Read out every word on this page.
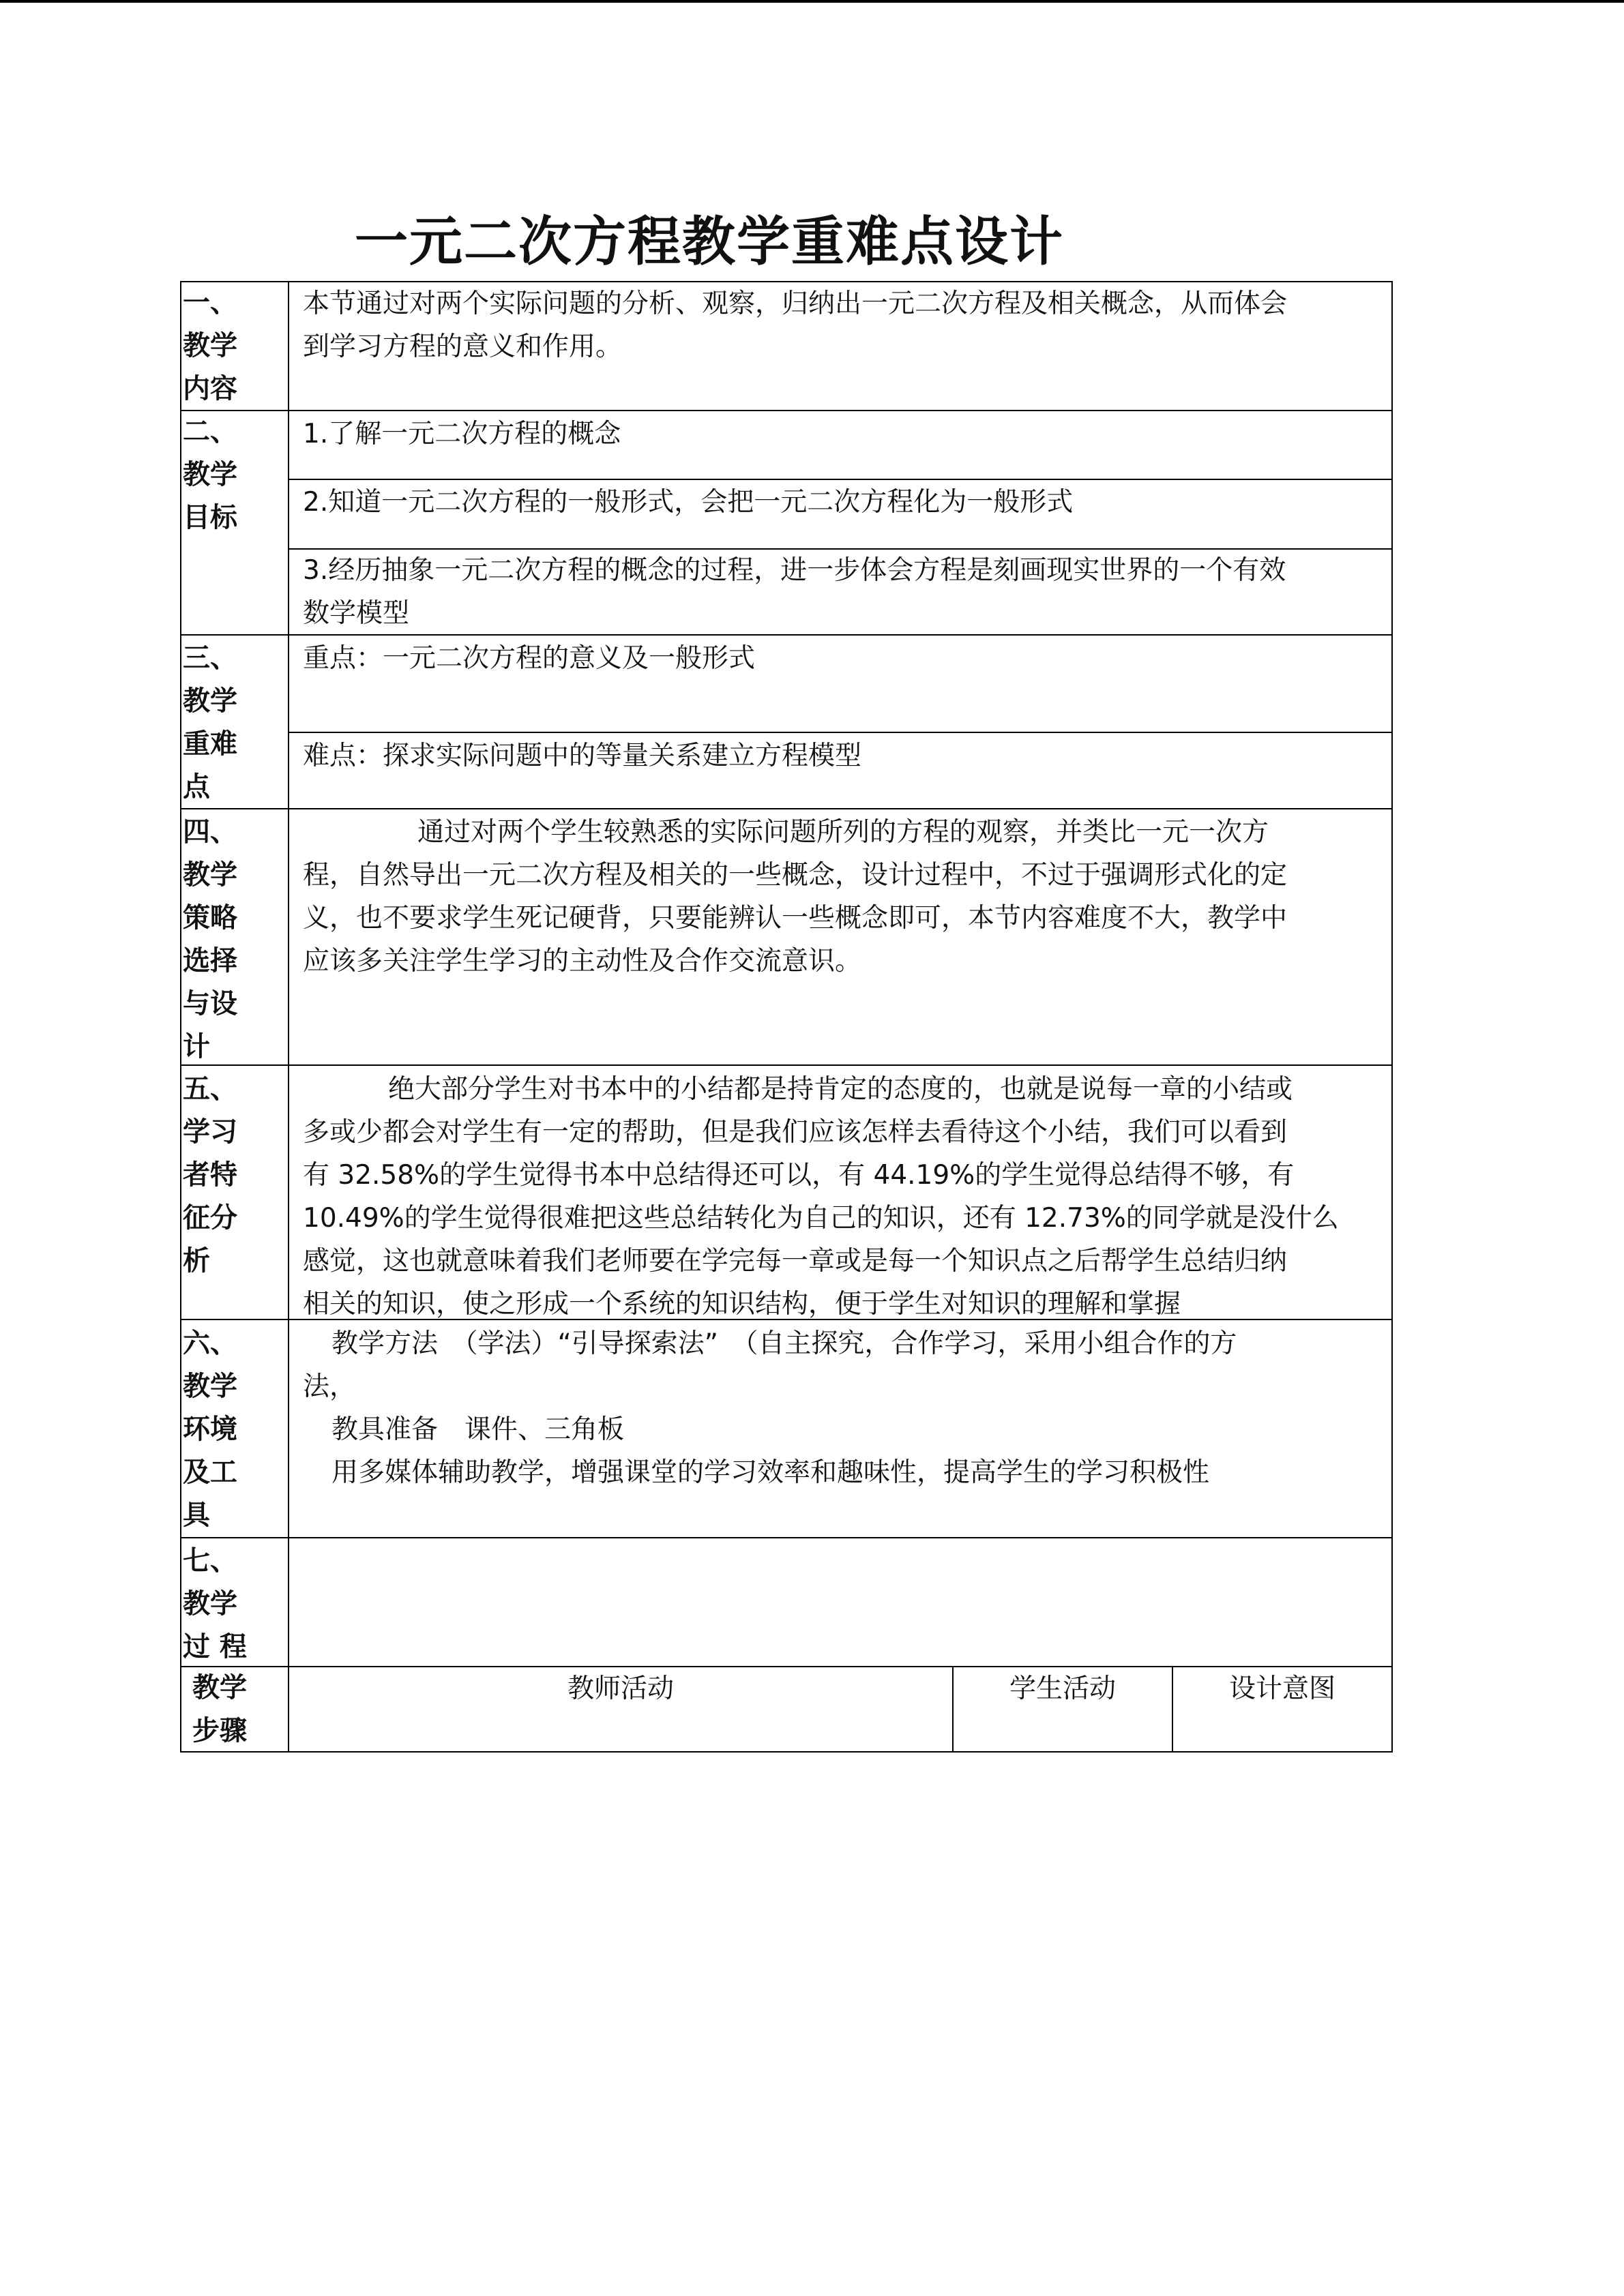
一元二次方程教学重难点设计
一、
教学
内容

本节通过对两个实际问题的分析、观察，归纳出一元二次方程及相关概念，从而体会

到学习方程的意义和作用。

二、
教学
目标

1.了解一元二次方程的概念

2.知道一元二次方程的一般形式，会把一元二次方程化为一般形式

3.经历抽象一元二次方程的概念的过程，进一步体会方程是刻画现实世界的一个有效

数学模型

三、
教学
重难
点

重点：一元二次方程的意义及一般形式

难点：探求实际问题中的等量关系建立方程模型

四、
教学
策略
选择
与设
计

通过对两个学生较熟悉的实际问题所列的方程的观察，并类比一元一次方

程，自然导出一元二次方程及相关的一些概念，设计过程中，不过于强调形式化的定

义，也不要求学生死记硬背，只要能辨认一些概念即可，本节内容难度不大，教学中

应该多关注学生学习的主动性及合作交流意识。

五、
学习
者特
征分
析

绝大部分学生对书本中的小结都是持肯定的态度的，也就是说每一章的小结或

多或少都会对学生有一定的帮助，但是我们应该怎样去看待这个小结，我们可以看到

有 32.58%的学生觉得书本中总结得还可以，有 44.19%的学生觉得总结得不够，有

10.49%的学生觉得很难把这些总结转化为自己的知识，还有 12.73%的同学就是没什么

感觉，这也就意味着我们老师要在学完每一章或是每一个知识点之后帮学生总结归纳

相关的知识，使之形成一个系统的知识结构，便于学生对知识的理解和掌握

六、
教学
环境
及工
具

教学方法　（学法）“引导探索法”　（自主探究，合作学习，采用小组合作的方

法，

教具准备　课件、三角板

用多媒体辅助教学，增强课堂的学习效率和趣味性，提高学生的学习积极性

七、
教学
过 程
教学
步骤
教师活动	学生活动	设计意图
